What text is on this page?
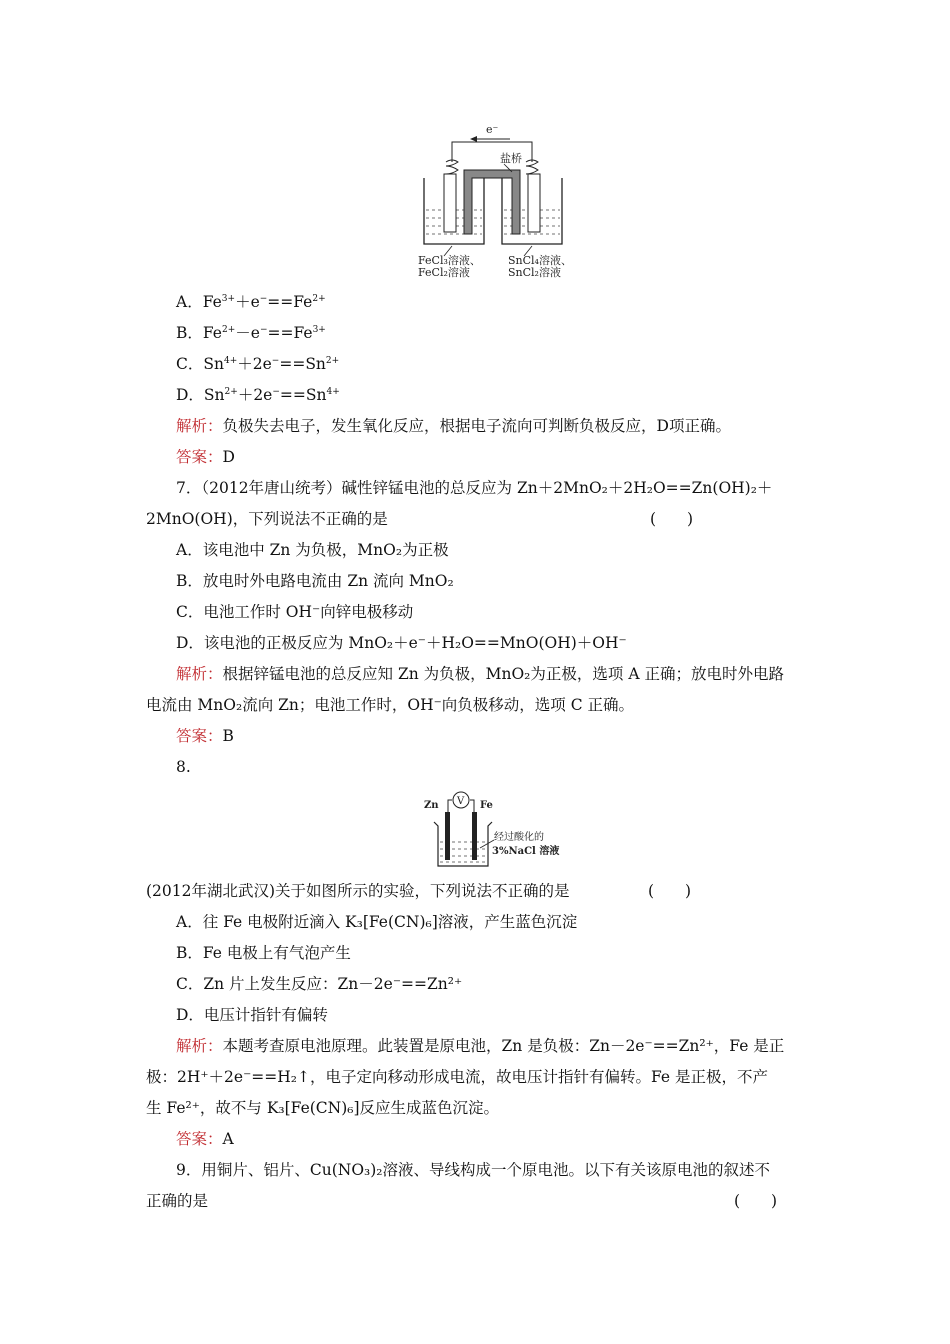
e⁻
盐桥
FeCl₃溶液、
FeCl₂溶液
SnCl₄溶液、
SnCl₂溶液
A．$Fe^{3+}+e^-==Fe^{2+}$
B．$Fe^{2+}-e^-==Fe^{3+}$
C．$Sn^{4+}+2e^-==Sn^{2+}$
D．$Sn^{2+}+2e^-==Sn^{4+}$
解析：负极失去电子，发生氧化反应，根据电子流向可判断负极反应，D项正确。
答案：D
7．（2012年唐山统考）碱性锌锰电池的总反应为 Zn＋2MnO₂＋2H₂O==Zn(OH)₂＋
2MnO(OH)，下列说法不正确的是	(　　)
A．该电池中 Zn 为负极，MnO₂为正极
B．放电时外电路电流由 Zn 流向 MnO₂
C．电池工作时 OH⁻向锌电极移动
D．该电池的正极反应为 MnO₂＋e⁻＋H₂O==MnO(OH)＋OH⁻
解析：根据锌锰电池的总反应知 Zn 为负极，MnO₂为正极，选项 A 正确；放电时外电路
电流由 MnO₂流向 Zn；电池工作时，OH⁻向负极移动，选项 C 正确。
答案：B
8.
Zn	Fe
V
经过酸化的
3%NaCl 溶液
(2012年湖北武汉)关于如图所示的实验，下列说法不正确的是	(　　)
A．往 Fe 电极附近滴入 K₃[Fe(CN)₆]溶液，产生蓝色沉淀
B．Fe 电极上有气泡产生
C．Zn 片上发生反应：Zn－2e⁻==Zn²⁺
D．电压计指针有偏转
解析：本题考查原电池原理。此装置是原电池，Zn 是负极：Zn－2e⁻==Zn²⁺，Fe 是正
极：2H⁺＋2e⁻==H₂↑，电子定向移动形成电流，故电压计指针有偏转。Fe 是正极，不产
生 Fe²⁺，故不与 K₃[Fe(CN)₆]反应生成蓝色沉淀。
答案：A
9．用铜片、铝片、Cu(NO₃)₂溶液、导线构成一个原电池。以下有关该原电池的叙述不
正确的是	(　　)
